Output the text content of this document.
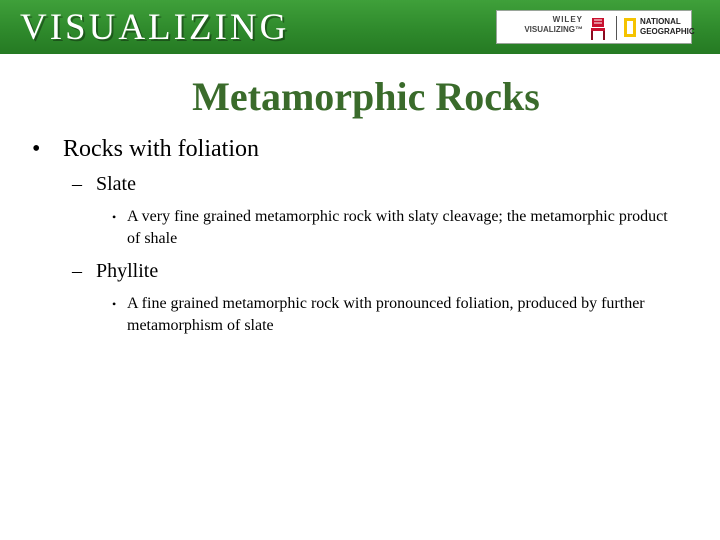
VISUALIZING	WILEY
VISUALIZING™
NATIONAL
GEOGRAPHIC
Metamorphic Rocks
• Rocks with foliation
– Slate
• A very fine grained metamorphic rock with slaty cleavage; the metamorphic product of shale
– Phyllite
• A fine grained metamorphic rock with pronounced foliation, produced by further metamorphism of slate
